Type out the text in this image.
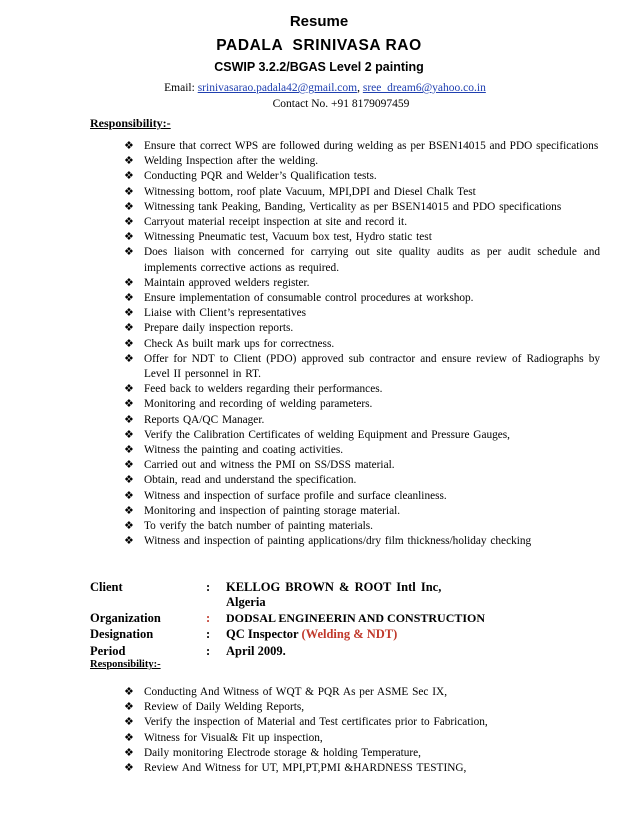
Resume
PADALA  SRINIVASA RAO
CSWIP 3.2.2/BGAS Level 2 painting
Email: srinivasarao.padala42@gmail.com, sree_dream6@yahoo.co.in
Contact No. +91 8179097459
Responsibility:-
❖ Ensure that correct WPS are followed during welding as per BSEN14015 and PDO specifications
❖ Welding Inspection after the welding.
❖ Conducting PQR and Welder’s Qualification tests.
❖ Witnessing bottom, roof plate Vacuum, MPI,DPI and Diesel Chalk Test
❖ Witnessing tank Peaking, Banding, Verticality as per BSEN14015 and PDO specifications
❖ Carryout material receipt inspection at site and record it.
❖ Witnessing Pneumatic test, Vacuum box test, Hydro static test
❖ Does liaison with concerned for carrying out site quality audits as per audit schedule and implements corrective actions as required.
❖ Maintain approved welders register.
❖ Ensure implementation of consumable control procedures at workshop.
❖ Liaise with Client’s representatives
❖ Prepare daily inspection reports.
❖ Check As built mark ups for correctness.
❖ Offer for NDT to Client (PDO) approved sub contractor and ensure review of Radiographs by Level II personnel in RT.
❖ Feed back to welders regarding their performances.
❖ Monitoring and recording of welding parameters.
❖ Reports QA/QC Manager.
❖ Verify the Calibration Certificates of welding Equipment and Pressure Gauges,
❖ Witness the painting and coating activities.
❖ Carried out and witness the PMI on SS/DSS material.
❖ Obtain, read and understand the specification.
❖ Witness and inspection of surface profile and surface cleanliness.
❖ Monitoring and inspection of painting storage material.
❖ To verify the batch number of painting materials.
❖ Witness and inspection of painting applications/dry film thickness/holiday checking
Client	: KELLOG BROWN & ROOT Intl Inc,
Algeria
Organization	: DODSAL ENGINEERIN AND CONSTRUCTION
Designation	: QC Inspector (Welding & NDT)
Period	: April 2009.
Responsibility:-
❖ Conducting And Witness of WQT & PQR As per ASME Sec IX,
❖ Review of Daily Welding Reports,
❖ Verify the inspection of Material and Test certificates prior to Fabrication,
❖ Witness for Visual& Fit up inspection,
❖ Daily monitoring Electrode storage & holding Temperature,
❖ Review And Witness for UT, MPI,PT,PMI &HARDNESS TESTING,
